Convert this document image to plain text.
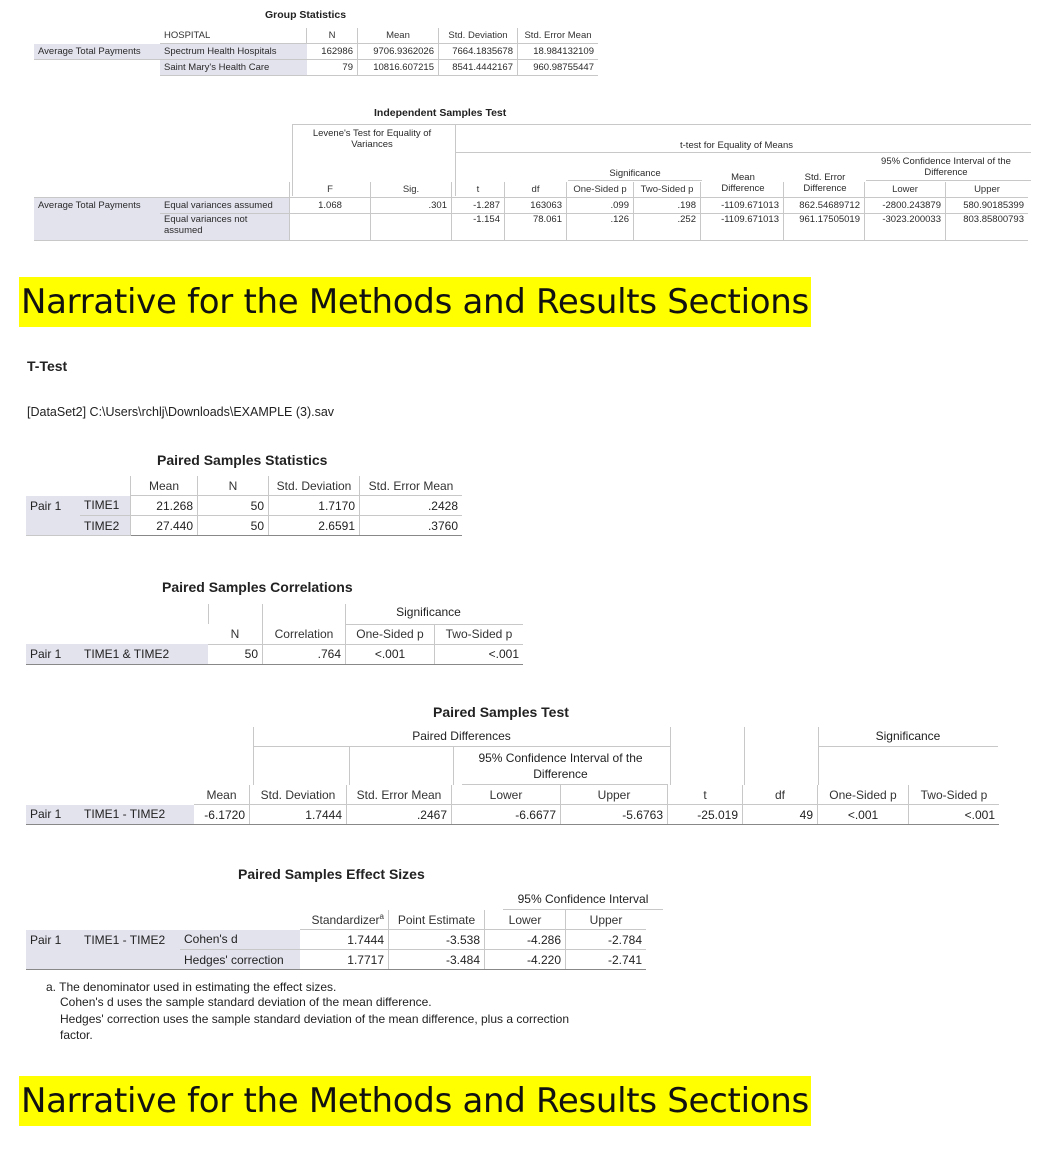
Group Statistics
	HOSPITAL	N	Mean	Std. Deviation	Std. Error Mean
Average Total Payments	Spectrum Health Hospitals	162986	9706.9362026	7664.1835678	18.984132109
	Saint Mary's Health Care	79	10816.607215	8541.4442167	960.98755447
Independent Samples Test
Levene's Test for Equality of Variances	t-test for Equality of Means
Significance
95% Confidence Interval of the Difference
Mean Difference
Std. Error Difference
		F	Sig.	t	df	One-Sided p	Two-Sided p			Lower	Upper
Average Total Payments	Equal variances assumed	1.068	.301	-1.287	163063	.099	.198	-1109.671013	862.54689712	-2800.243879	580.90185399
	Equal variances not assumed			-1.154	78.061	.126	.252	-1109.671013	961.17505019	-3023.200033	803.85800793
Narrative for the Methods and Results Sections
T-Test
[DataSet2] C:\Users\rchlj\Downloads\EXAMPLE (3).sav
Paired Samples Statistics
		Mean	N	Std. Deviation	Std. Error Mean
Pair 1	TIME1	21.268	50	1.7170	.2428
	TIME2	27.440	50	2.6591	.3760
Paired Samples Correlations
Significance

		N	Correlation	One-Sided p	Two-Sided p
Pair 1	TIME1 & TIME2	50	.764	<.001	<.001
Paired Samples Test
Paired Differences
95% Confidence Interval of the Difference
Significance
		Mean	Std. Deviation	Std. Error Mean	Lower	Upper	t	df	One-Sided p	Two-Sided p
Pair 1	TIME1 - TIME2	-6.1720	1.7444	.2467	-6.6677	-5.6763	-25.019	49	<.001	<.001
Paired Samples Effect Sizes
95% Confidence Interval
			Standardizer$^a$	Point Estimate	Lower	Upper
Pair 1	TIME1 - TIME2	Cohen's d	1.7444	-3.538	-4.286	-2.784
		Hedges' correction	1.7717	-3.484	-4.220	-2.741
a. The denominator used in estimating the effect sizes.
Cohen's d uses the sample standard deviation of the mean difference.
Hedges' correction uses the sample standard deviation of the mean difference, plus a correction
factor.
Narrative for the Methods and Results Sections
